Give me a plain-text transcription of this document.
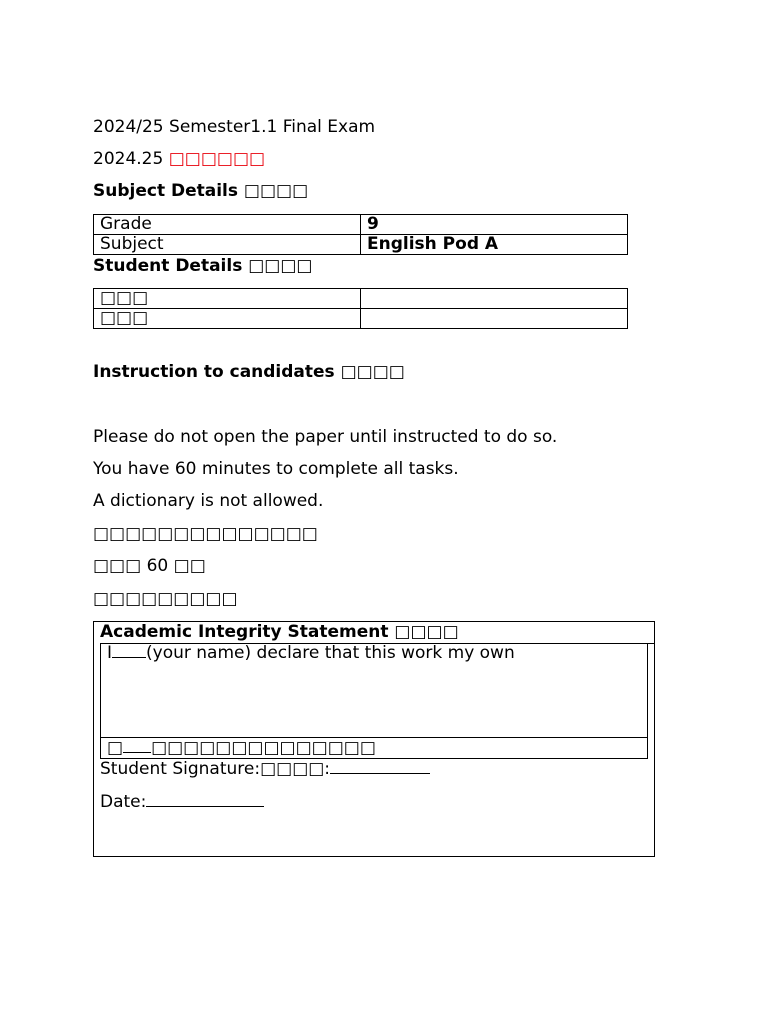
2024/25 Semester1.1 Final Exam
2024.25 □□□□□□
Subject Details □□□□
Grade	9
Subject	English Pod A
Student Details □□□□
□□□	
□□□	
Instruction to candidates □□□□
Please do not open the paper until instructed to do so.
You have 60 minutes to complete all tasks.
A dictionary is not allowed.
□□□□□□□□□□□□□□
□□□ 60 □□
□□□□□□□□□
Academic Integrity Statement □□□□
I (your name) declare that this work my own
□ □□□□□□□□□□□□□□
Student Signature:□□□□:
Date:
